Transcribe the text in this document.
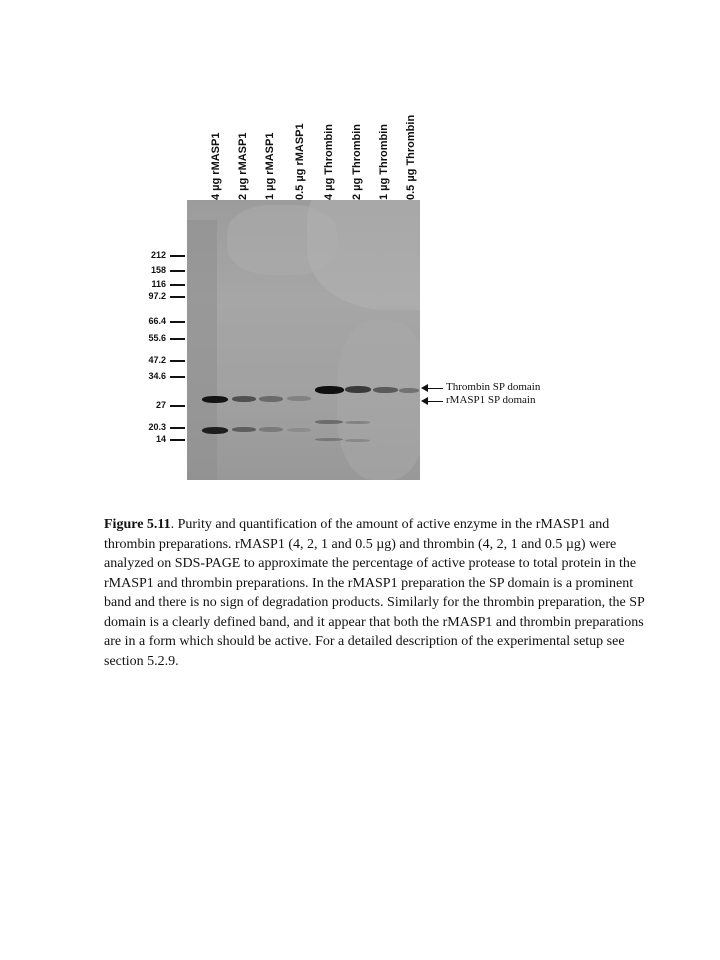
4 µg rMASP1 2 µg rMASP1 1 µg rMASP1 0.5 µg rMASP1 4 µg Thrombin 2 µg Thrombin 1 µg Thrombin 0.5 µg Thrombin
212
158
116
97.2
66.4
55.6
47.2
34.6
27
20.3
14
Thrombin SP domain
rMASP1 SP domain
Figure 5.11. Purity and quantification of the amount of active enzyme in the rMASP1 and thrombin preparations. rMASP1 (4, 2, 1 and 0.5 µg) and thrombin (4, 2, 1 and 0.5 µg) were analyzed on SDS-PAGE to approximate the percentage of active protease to total protein in the rMASP1 and thrombin preparations. In the rMASP1 preparation the SP domain is a prominent band and there is no sign of degradation products. Similarly for the thrombin preparation, the SP domain is a clearly defined band, and it appear that both the rMASP1 and thrombin preparations are in a form which should be active. For a detailed description of the experimental setup see section 5.2.9.
